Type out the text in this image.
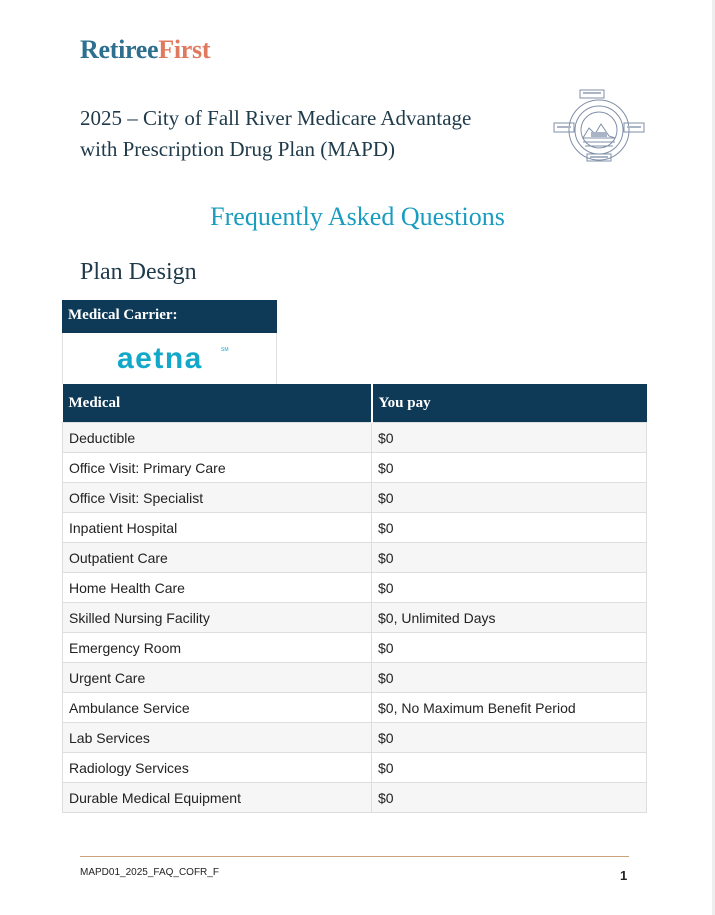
RetireeFirst
2025 – City of Fall River Medicare Advantage
with Prescription Drug Plan (MAPD)
Frequently Asked Questions
Plan Design
Medical Carrier:
aetna	SM
Medical	You pay
Deductible	$0
Office Visit: Primary Care	$0
Office Visit: Specialist	$0
Inpatient Hospital	$0
Outpatient Care	$0
Home Health Care	$0
Skilled Nursing Facility	$0, Unlimited Days
Emergency Room	$0
Urgent Care	$0
Ambulance Service	$0, No Maximum Benefit Period
Lab Services	$0
Radiology Services	$0
Durable Medical Equipment	$0
MAPD01_2025_FAQ_COFR_F	1
